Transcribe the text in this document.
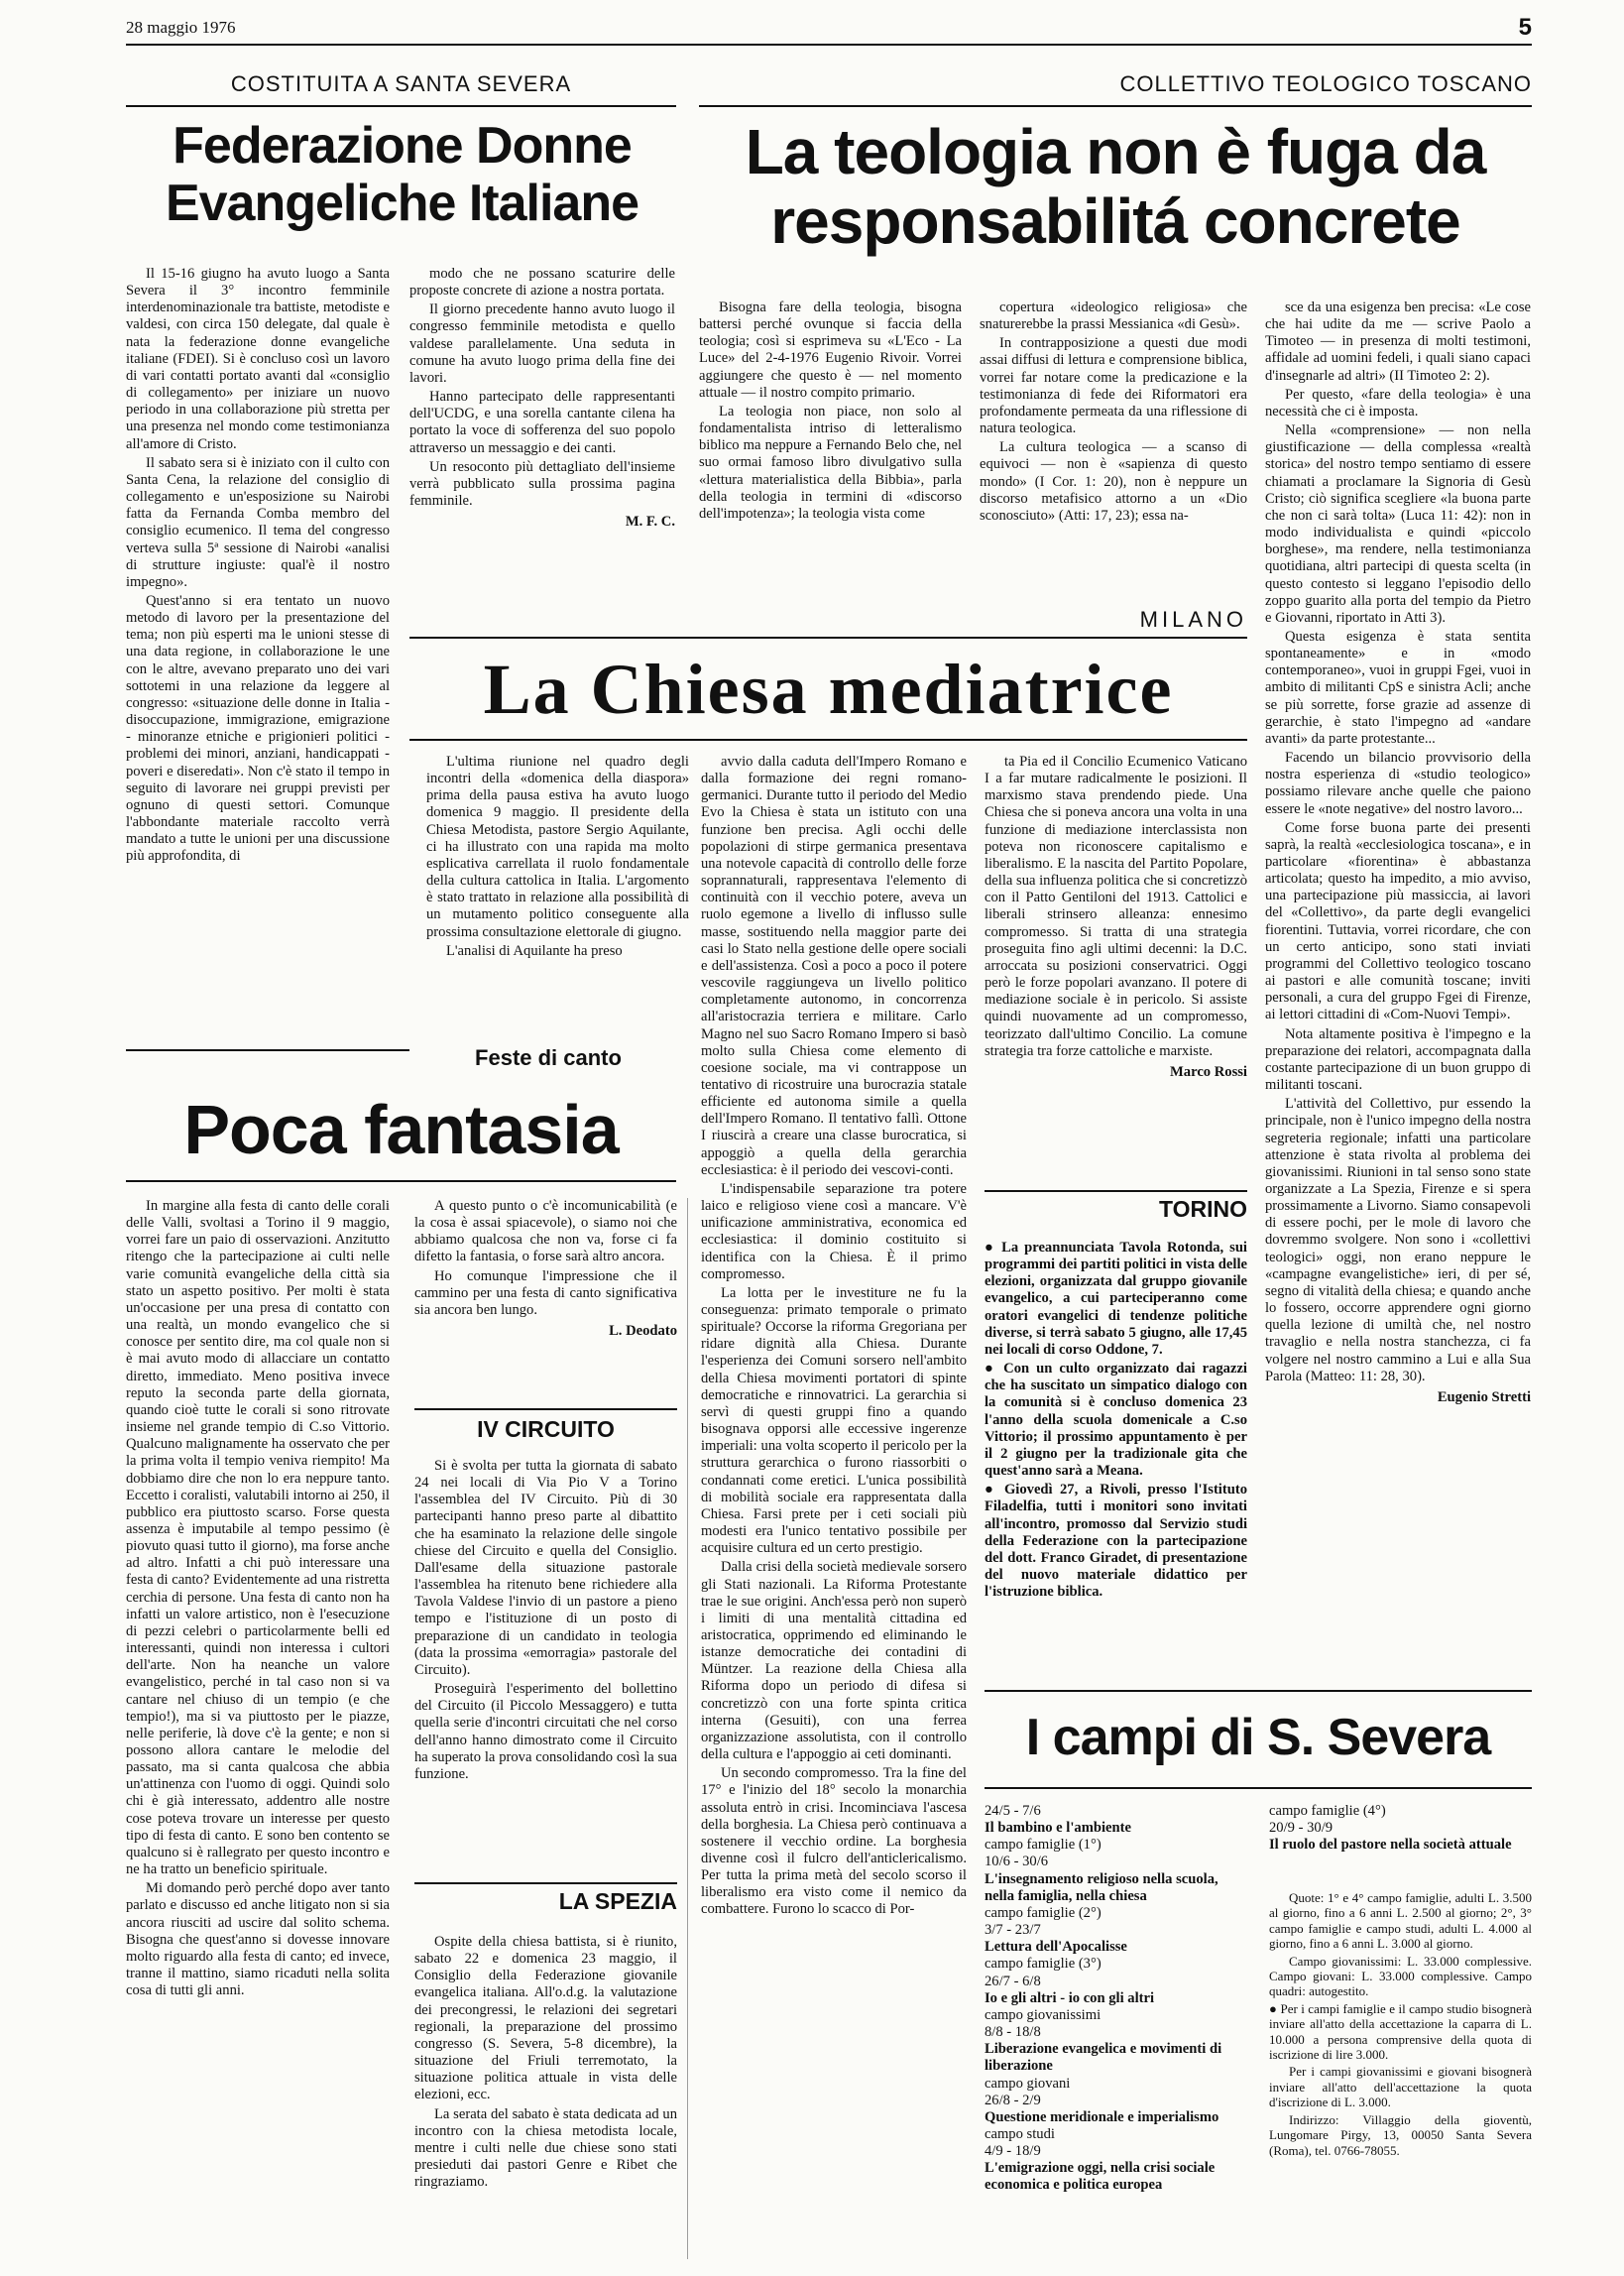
28 maggio 1976	5
COSTITUITA A SANTA SEVERA
Federazione Donne
Evangeliche Italiane

Il 15-16 giugno ha avuto luogo a Santa Severa il 3° incontro femminile interdenominazionale tra battiste, metodiste e valdesi, con circa 150 delegate, dal quale è nata la federazione donne evangeliche italiane (FDEI). Si è concluso così un lavoro di vari contatti portato avanti dal «consiglio di collegamento» per iniziare un nuovo periodo in una collaborazione più stretta per una presenza nel mondo come testimonianza all'amore di Cristo.

Il sabato sera si è iniziato con il culto con Santa Cena, la relazione del consiglio di collegamento e un'esposizione su Nairobi fatta da Fernanda Comba membro del consiglio ecumenico. Il tema del congresso verteva sulla 5ª sessione di Nairobi «analisi di strutture ingiuste: qual'è il nostro impegno».

Quest'anno si era tentato un nuovo metodo di lavoro per la presentazione del tema; non più esperti ma le unioni stesse di una data regione, in collaborazione le une con le altre, avevano preparato uno dei vari sottotemi in una relazione da leggere al congresso: «situazione delle donne in Italia - disoccupazione, immigrazione, emigrazione - minoranze etniche e prigionieri politici - problemi dei minori, anziani, handicappati - poveri e diseredati». Non c'è stato il tempo in seguito di lavorare nei gruppi previsti per ognuno di questi settori. Comunque l'abbondante materiale raccolto verrà mandato a tutte le unioni per una discussione più approfondita, di

modo che ne possano scaturire delle proposte concrete di azione a nostra portata.

Il giorno precedente hanno avuto luogo il congresso femminile metodista e quello valdese parallelamente. Una seduta in comune ha avuto luogo prima della fine dei lavori.

Hanno partecipato delle rappresentanti dell'UCDG, e una sorella cantante cilena ha portato la voce di sofferenza del suo popolo attraverso un messaggio e dei canti.

Un resoconto più dettagliato dell'insieme verrà pubblicato sulla prossima pagina femminile.

M. F. C.

COLLETTIVO TEOLOGICO TOSCANO
La teologia non è fuga da
responsabilitá concrete

Bisogna fare della teologia, bisogna battersi perché ovunque si faccia della teologia; così si esprimeva su «L'Eco - La Luce» del 2-4-1976 Eugenio Rivoir. Vorrei aggiungere che questo è — nel momento attuale — il nostro compito primario.

La teologia non piace, non solo al fondamentalista intriso di letteralismo biblico ma neppure a Fernando Belo che, nel suo ormai famoso libro divulgativo sulla «lettura materialistica della Bibbia», parla della teologia in termini di «discorso dell'impotenza»; la teologia vista come

copertura «ideologico religiosa» che snaturerebbe la prassi Messianica «di Gesù».

In contrapposizione a questi due modi assai diffusi di lettura e comprensione biblica, vorrei far notare come la predicazione e la testimonianza di fede dei Riformatori era profondamente permeata da una riflessione di natura teologica.

La cultura teologica — a scanso di equivoci — non è «sapienza di questo mondo» (I Cor. 1: 20), non è neppure un discorso metafisico attorno a un «Dio sconosciuto» (Atti: 17, 23); essa na-

sce da una esigenza ben precisa: «Le cose che hai udite da me — scrive Paolo a Timoteo — in presenza di molti testimoni, affidale ad uomini fedeli, i quali siano capaci d'insegnarle ad altri» (II Timoteo 2: 2).

Per questo, «fare della teologia» è una necessità che ci è imposta.

Nella «comprensione» — non nella giustificazione — della complessa «realtà storica» del nostro tempo sentiamo di essere chiamati a proclamare la Signoria di Gesù Cristo; ciò significa scegliere «la buona parte che non ci sarà tolta» (Luca 11: 42): non in modo individualista e quindi «piccolo borghese», ma rendere, nella testimonianza quotidiana, altri partecipi di questa scelta (in questo contesto si leggano l'episodio dello zoppo guarito alla porta del tempio da Pietro e Giovanni, riportato in Atti 3).

Questa esigenza è stata sentita spontaneamente» e in «modo contemporaneo», vuoi in gruppi Fgei, vuoi in ambito di militanti CpS e sinistra Acli; anche se più sorrette, forse grazie ad assenze di gerarchie, è stato l'impegno ad «andare avanti» da parte protestante...

Facendo un bilancio provvisorio della nostra esperienza di «studio teologico» possiamo rilevare anche quelle che paiono essere le «note negative» del nostro lavoro...

Come forse buona parte dei presenti saprà, la realtà «ecclesiologica toscana», e in particolare «fiorentina» è abbastanza articolata; questo ha impedito, a mio avviso, una partecipazione più massiccia, ai lavori del «Collettivo», da parte degli evangelici fiorentini. Tuttavia, vorrei ricordare, che con un certo anticipo, sono stati inviati programmi del Collettivo teologico toscano ai pastori e alle comunità toscane; inviti personali, a cura del gruppo Fgei di Firenze, ai lettori cittadini di «Com-Nuovi Tempi».

Nota altamente positiva è l'impegno e la preparazione dei relatori, accompagnata dalla costante partecipazione di un buon gruppo di militanti toscani.

L'attività del Collettivo, pur essendo la principale, non è l'unico impegno della nostra segreteria regionale; infatti una particolare attenzione è stata rivolta al problema dei giovanissimi. Riunioni in tal senso sono state organizzate a La Spezia, Firenze e si spera prossimamente a Livorno. Siamo consapevoli di essere pochi, per le mole di lavoro che dovremmo svolgere. Non sono i «collettivi teologici» oggi, non erano neppure le «campagne evangelistiche» ieri, di per sé, segno di vitalità della chiesa; e quando anche lo fossero, occorre apprendere ogni giorno quella lezione di umiltà che, nel nostro travaglio e nella nostra stanchezza, ci fa volgere nel nostro cammino a Lui e alla Sua Parola (Matteo: 11: 28, 30).

Eugenio Stretti

MILANO
La Chiesa mediatrice

L'ultima riunione nel quadro degli incontri della «domenica della diaspora» prima della pausa estiva ha avuto luogo domenica 9 maggio. Il presidente della Chiesa Metodista, pastore Sergio Aquilante, ci ha illustrato con una rapida ma molto esplicativa carrellata il ruolo fondamentale della cultura cattolica in Italia. L'argomento è stato trattato in relazione alla possibilità di un mutamento politico conseguente alla prossima consultazione elettorale di giugno.

L'analisi di Aquilante ha preso

avvio dalla caduta dell'Impero Romano e dalla formazione dei regni romano-germanici. Durante tutto il periodo del Medio Evo la Chiesa è stata un istituto con una funzione ben precisa. Agli occhi delle popolazioni di stirpe germanica presentava una notevole capacità di controllo delle forze soprannaturali, rappresentava l'elemento di continuità con il vecchio potere, aveva un ruolo egemone a livello di influsso sulle masse, sostituendo nella maggior parte dei casi lo Stato nella gestione delle opere sociali e dell'assistenza. Così a poco a poco il potere vescovile raggiungeva un livello politico completamente autonomo, in concorrenza all'aristocrazia terriera e militare. Carlo Magno nel suo Sacro Romano Impero si basò molto sulla Chiesa come elemento di coesione sociale, ma vi contrappose un tentativo di ricostruire una burocrazia statale efficiente ed autonoma simile a quella dell'Impero Romano. Il tentativo fallì. Ottone I riuscirà a creare una classe burocratica, si appoggiò a quella della gerarchia ecclesiastica: è il periodo dei vescovi-conti.

L'indispensabile separazione tra potere laico e religioso viene così a mancare. V'è unificazione amministrativa, economica ed ecclesiastica: il dominio costituito si identifica con la Chiesa. È il primo compromesso.

La lotta per le investiture ne fu la conseguenza: primato temporale o primato spirituale? Occorse la riforma Gregoriana per ridare dignità alla Chiesa. Durante l'esperienza dei Comuni sorsero nell'ambito della Chiesa movimenti portatori di spinte democratiche e rinnovatrici. La gerarchia si servì di questi gruppi fino a quando bisognava opporsi alle eccessive ingerenze imperiali: una volta scoperto il pericolo per la struttura gerarchica o furono riassorbiti o condannati come eretici. L'unica possibilità di mobilità sociale era rappresentata dalla Chiesa. Farsi prete per i ceti sociali più modesti era l'unico tentativo possibile per acquisire cultura ed un certo prestigio.

Dalla crisi della società medievale sorsero gli Stati nazionali. La Riforma Protestante trae le sue origini. Anch'essa però non superò i limiti di una mentalità cittadina ed aristocratica, opprimendo ed eliminando le istanze democratiche dei contadini di Müntzer. La reazione della Chiesa alla Riforma dopo un periodo di difesa si concretizzò con una forte spinta critica interna (Gesuiti), con una ferrea organizzazione assolutista, con il controllo della cultura e l'appoggio ai ceti dominanti.

Un secondo compromesso. Tra la fine del 17° e l'inizio del 18° secolo la monarchia assoluta entrò in crisi. Incominciava l'ascesa della borghesia. La Chiesa però continuava a sostenere il vecchio ordine. La borghesia divenne così il fulcro dell'anticlericalismo. Per tutta la prima metà del secolo scorso il liberalismo era visto come il nemico da combattere. Furono lo scacco di Por-

ta Pia ed il Concilio Ecumenico Vaticano I a far mutare radicalmente le posizioni. Il marxismo stava prendendo piede. Una Chiesa che si poneva ancora una volta in una funzione di mediazione interclassista non poteva non riconoscere capitalismo e liberalismo. E la nascita del Partito Popolare, della sua influenza politica che si concretizzò con il Patto Gentiloni del 1913. Cattolici e liberali strinsero alleanza: ennesimo compromesso. Si tratta di una strategia proseguita fino agli ultimi decenni: la D.C. arroccata su posizioni conservatrici. Oggi però le forze popolari avanzano. Il potere di mediazione sociale è in pericolo. Si assiste quindi nuovamente ad un compromesso, teorizzato dall'ultimo Concilio. La comune strategia tra forze cattoliche e marxiste.

Marco Rossi

Feste di canto
Poca fantasia

In margine alla festa di canto delle corali delle Valli, svoltasi a Torino il 9 maggio, vorrei fare un paio di osservazioni. Anzitutto ritengo che la partecipazione ai culti nelle varie comunità evangeliche della città sia stato un aspetto positivo. Per molti è stata un'occasione per una presa di contatto con una realtà, un mondo evangelico che si conosce per sentito dire, ma col quale non si è mai avuto modo di allacciare un contatto diretto, immediato. Meno positiva invece reputo la seconda parte della giornata, quando cioè tutte le corali si sono ritrovate insieme nel grande tempio di C.so Vittorio. Qualcuno malignamente ha osservato che per la prima volta il tempio veniva riempito! Ma dobbiamo dire che non lo era neppure tanto. Eccetto i coralisti, valutabili intorno ai 250, il pubblico era piuttosto scarso. Forse questa assenza è imputabile al tempo pessimo (è piovuto quasi tutto il giorno), ma forse anche ad altro. Infatti a chi può interessare una festa di canto? Evidentemente ad una ristretta cerchia di persone. Una festa di canto non ha infatti un valore artistico, non è l'esecuzione di pezzi celebri o particolarmente belli ed interessanti, quindi non interessa i cultori dell'arte. Non ha neanche un valore evangelistico, perché in tal caso non si va cantare nel chiuso di un tempio (e che tempio!), ma si va piuttosto per le piazze, nelle periferie, là dove c'è la gente; e non si possono allora cantare le melodie del passato, ma si canta qualcosa che abbia un'attinenza con l'uomo di oggi. Quindi solo chi è già interessato, addentro alle nostre cose poteva trovare un interesse per questo tipo di festa di canto. E sono ben contento se qualcuno si è rallegrato per questo incontro e ne ha tratto un beneficio spirituale.

Mi domando però perché dopo aver tanto parlato e discusso ed anche litigato non si sia ancora riusciti ad uscire dal solito schema. Bisogna che quest'anno si dovesse innovare molto riguardo alla festa di canto; ed invece, tranne il mattino, siamo ricaduti nella solita cosa di tutti gli anni.

A questo punto o c'è incomunicabilità (e la cosa è assai spiacevole), o siamo noi che abbiamo qualcosa che non va, forse ci fa difetto la fantasia, o forse sarà altro ancora.

Ho comunque l'impressione che il cammino per una festa di canto significativa sia ancora ben lungo.

L. Deodato

IV CIRCUITO

Si è svolta per tutta la giornata di sabato 24 nei locali di Via Pio V a Torino l'assemblea del IV Circuito. Più di 30 partecipanti hanno preso parte al dibattito che ha esaminato la relazione delle singole chiese del Circuito e quella del Consiglio. Dall'esame della situazione pastorale l'assemblea ha ritenuto bene richiedere alla Tavola Valdese l'invio di un pastore a pieno tempo e l'istituzione di un posto di preparazione di un candidato in teologia (data la prossima «emorragia» pastorale del Circuito).

Proseguirà l'esperimento del bollettino del Circuito (il Piccolo Messaggero) e tutta quella serie d'incontri circuitati che nel corso dell'anno hanno dimostrato come il Circuito ha superato la prova consolidando così la sua funzione.

LA SPEZIA

Ospite della chiesa battista, si è riunito, sabato 22 e domenica 23 maggio, il Consiglio della Federazione giovanile evangelica italiana. All'o.d.g. la valutazione dei precongressi, le relazioni dei segretari regionali, la preparazione del prossimo congresso (S. Severa, 5-8 dicembre), la situazione del Friuli terremotato, la situazione politica attuale in vista delle elezioni, ecc.

La serata del sabato è stata dedicata ad un incontro con la chiesa metodista locale, mentre i culti nelle due chiese sono stati presieduti dai pastori Genre e Ribet che ringraziamo.

TORINO

● La preannunciata Tavola Rotonda, sui programmi dei partiti politici in vista delle elezioni, organizzata dal gruppo giovanile evangelico, a cui parteciperanno come oratori evangelici di tendenze politiche diverse, si terrà sabato 5 giugno, alle 17,45 nei locali di corso Oddone, 7.

● Con un culto organizzato dai ragazzi che ha suscitato un simpatico dialogo con la comunità si è concluso domenica 23 l'anno della scuola domenicale a C.so Vittorio; il prossimo appuntamento è per il 2 giugno per la tradizionale gita che quest'anno sarà a Meana.

● Giovedì 27, a Rivoli, presso l'Istituto Filadelfia, tutti i monitori sono invitati all'incontro, promosso dal Servizio studi della Federazione con la partecipazione del dott. Franco Giradet, di presentazione del nuovo materiale didattico per l'istruzione biblica.

I campi di S. Severa
24/5 - 7/6
Il bambino e l'ambiente
campo famiglie (1°)
10/6 - 30/6
L'insegnamento religioso nella scuola, nella famiglia, nella chiesa
campo famiglie (2°)
3/7 - 23/7
Lettura dell'Apocalisse
campo famiglie (3°)
26/7 - 6/8
Io e gli altri - io con gli altri
campo giovanissimi
8/8 - 18/8
Liberazione evangelica e movimenti di liberazione
campo giovani
26/8 - 2/9
Questione meridionale e imperialismo
campo studi
4/9 - 18/9
L'emigrazione oggi, nella crisi sociale economica e politica europea
campo famiglie (4°)
20/9 - 30/9
Il ruolo del pastore nella società attuale

Quote: 1° e 4° campo famiglie, adulti L. 3.500 al giorno, fino a 6 anni L. 2.500 al giorno; 2°, 3° campo famiglie e campo studi, adulti L. 4.000 al giorno, fino a 6 anni L. 3.000 al giorno.

Campo giovanissimi: L. 33.000 complessive. Campo giovani: L. 33.000 complessive. Campo quadri: autogestito.

● Per i campi famiglie e il campo studio bisognerà inviare all'atto della accettazione la caparra di L. 10.000 a persona comprensive della quota di iscrizione di lire 3.000.

Per i campi giovanissimi e giovani bisognerà inviare all'atto dell'accettazione la quota d'iscrizione di L. 3.000.

Indirizzo: Villaggio della gioventù, Lungomare Pirgy, 13, 00050 Santa Severa (Roma), tel. 0766-78055.
